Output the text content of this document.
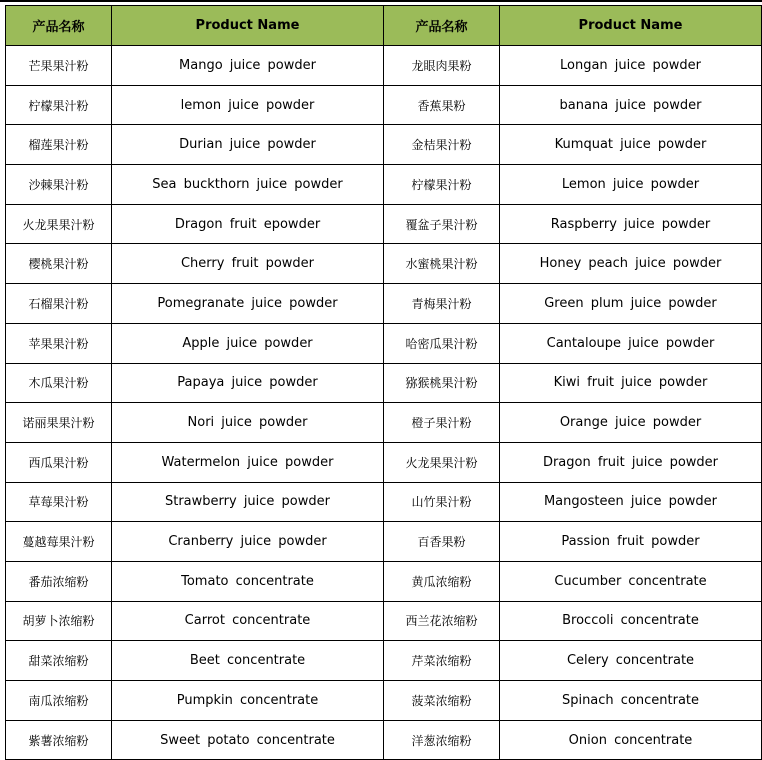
产品名称	Product Name	产品名称	Product Name
芒果果汁粉	Mango juice powder	龙眼肉果粉	Longan juice powder
柠檬果汁粉	lemon juice powder	香蕉果粉	banana juice powder
榴莲果汁粉	Durian juice powder	金桔果汁粉	Kumquat juice powder
沙棘果汁粉	Sea buckthorn juice powder	柠檬果汁粉	Lemon juice powder
火龙果果汁粉	Dragon fruit epowder	覆盆子果汁粉	Raspberry juice powder
樱桃果汁粉	Cherry fruit powder	水蜜桃果汁粉	Honey peach juice powder
石榴果汁粉	Pomegranate juice powder	青梅果汁粉	Green plum juice powder
苹果果汁粉	Apple juice powder	哈密瓜果汁粉	Cantaloupe juice powder
木瓜果汁粉	Papaya juice powder	猕猴桃果汁粉	Kiwi fruit juice powder
诺丽果果汁粉	Nori juice powder	橙子果汁粉	Orange juice powder
西瓜果汁粉	Watermelon juice powder	火龙果果汁粉	Dragon fruit juice powder
草莓果汁粉	Strawberry juice powder	山竹果汁粉	Mangosteen juice powder
蔓越莓果汁粉	Cranberry juice powder	百香果粉	Passion fruit powder
番茄浓缩粉	Tomato concentrate	黄瓜浓缩粉	Cucumber concentrate
胡萝卜浓缩粉	Carrot concentrate	西兰花浓缩粉	Broccoli concentrate
甜菜浓缩粉	Beet concentrate	芹菜浓缩粉	Celery concentrate
南瓜浓缩粉	Pumpkin concentrate	菠菜浓缩粉	Spinach concentrate
紫薯浓缩粉	Sweet potato concentrate	洋葱浓缩粉	Onion concentrate
